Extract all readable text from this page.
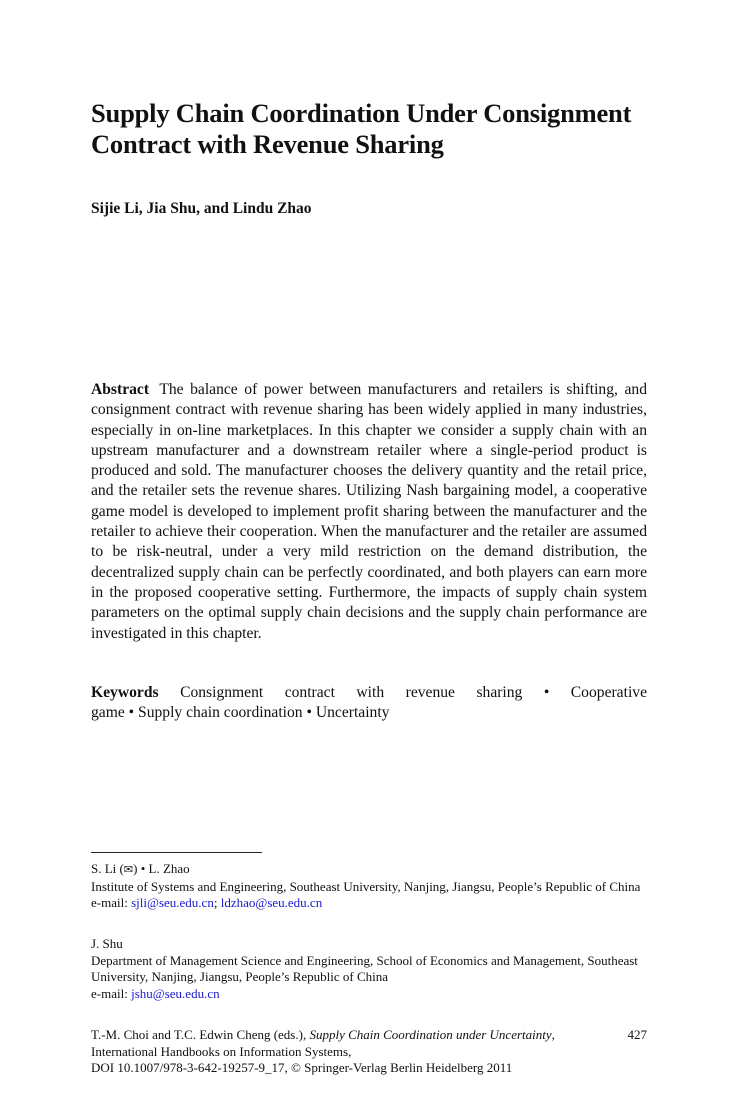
Supply Chain Coordination Under Consignment
Contract with Revenue Sharing

Sijie Li, Jia Shu, and Lindu Zhao

Abstract The balance of power between manufacturers and retailers is shifting, and consignment contract with revenue sharing has been widely applied in many industries, especially in on-line marketplaces. In this chapter we consider a supply chain with an upstream manufacturer and a downstream retailer where a single-period product is produced and sold. The manufacturer chooses the delivery quantity and the retail price, and the retailer sets the revenue shares. Utilizing Nash bargaining model, a cooperative game model is developed to implement profit sharing between the manufacturer and the retailer to achieve their cooperation. When the manufacturer and the retailer are assumed to be risk-neutral, under a very mild restriction on the demand distribution, the decentralized supply chain can be perfectly coordinated, and both players can earn more in the proposed cooperative setting. Furthermore, the impacts of supply chain system parameters on the optimal supply chain decisions and the supply chain performance are investigated in this chapter.

Keywords Consignment contract with revenue sharing • Cooperative
game • Supply chain coordination • Uncertainty

S. Li (✉) • L. Zhao
Institute of Systems and Engineering, Southeast University, Nanjing, Jiangsu, People’s Republic of China
e-mail: sjli@seu.edu.cn; ldzhao@seu.edu.cn
J. Shu
Department of Management Science and Engineering, School of Economics and Management, Southeast University, Nanjing, Jiangsu, People’s Republic of China
e-mail: jshu@seu.edu.cn
T.-M. Choi and T.C. Edwin Cheng (eds.), Supply Chain Coordination under Uncertainty,
International Handbooks on Information Systems,
DOI 10.1007/978-3-642-19257-9_17, © Springer-Verlag Berlin Heidelberg 2011
427
